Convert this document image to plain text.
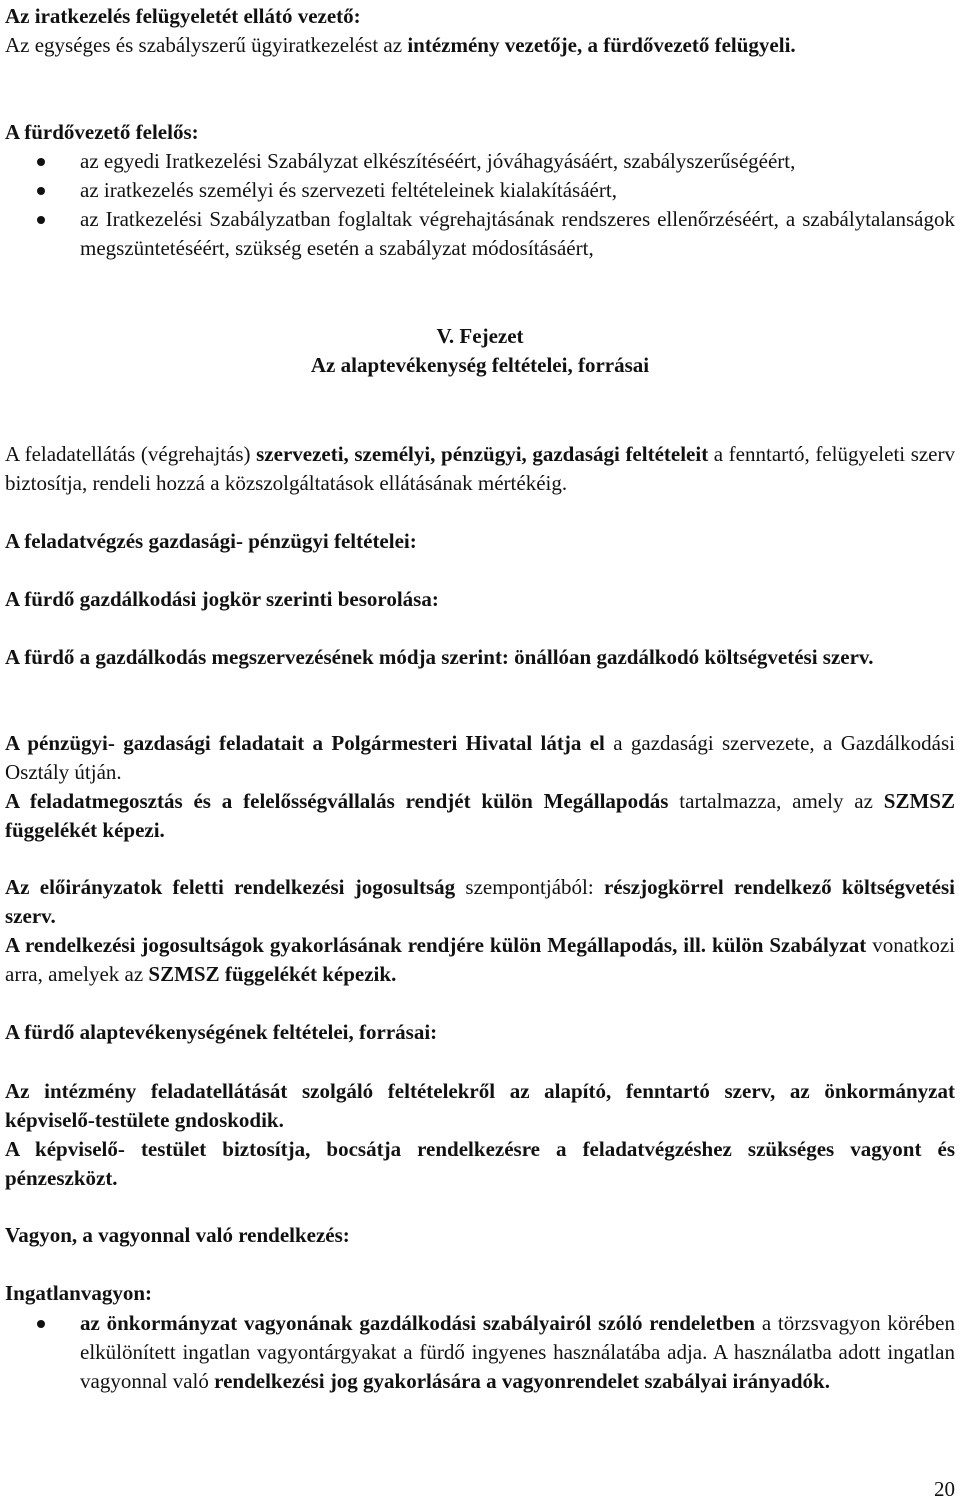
Az iratkezelés felügyeletét ellátó vezető:

Az egységes és szabályszerű ügyiratkezelést az intézmény vezetője, a fürdővezető felügyeli.

A fürdővezető felelős:

az egyedi Iratkezelési Szabályzat elkészítéséért, jóváhagyásáért, szabályszerűségéért,
az iratkezelés személyi és szervezeti feltételeinek kialakításáért,
az Iratkezelési Szabályzatban foglaltak végrehajtásának rendszeres ellenőrzéséért, a szabálytalanságok megszüntetéséért, szükség esetén a szabályzat módosításáért,

V. Fejezet

Az alaptevékenység feltételei, forrásai

A feladatellátás (végrehajtás) szervezeti, személyi, pénzügyi, gazdasági feltételeit a fenntartó, felügyeleti szerv biztosítja, rendeli hozzá a közszolgáltatások ellátásának mértékéig.

A feladatvégzés gazdasági- pénzügyi feltételei:

A fürdő gazdálkodási jogkör szerinti besorolása:

A fürdő a gazdálkodás megszervezésének módja szerint: önállóan gazdálkodó költségvetési szerv.

A pénzügyi- gazdasági feladatait a Polgármesteri Hivatal látja el a gazdasági szervezete, a Gazdálkodási Osztály útján.

A feladatmegosztás és a felelősségvállalás rendjét külön Megállapodás tartalmazza, amely az SZMSZ függelékét képezi.

Az előirányzatok feletti rendelkezési jogosultság szempontjából: részjogkörrel rendelkező költségvetési szerv.

A rendelkezési jogosultságok gyakorlásának rendjére külön Megállapodás, ill. külön Szabályzat vonatkozi arra, amelyek az SZMSZ függelékét képezik.

A fürdő alaptevékenységének feltételei, forrásai:

Az intézmény feladatellátását szolgáló feltételekről az alapító, fenntartó szerv, az önkormányzat képviselő-testülete gndoskodik.

A képviselő- testület biztosítja, bocsátja rendelkezésre a feladatvégzéshez szükséges vagyont és pénzeszközt.

Vagyon, a vagyonnal való rendelkezés:

Ingatlanvagyon:

az önkormányzat vagyonának gazdálkodási szabályairól szóló rendeletben a törzsvagyon körében elkülönített ingatlan vagyontárgyakat a fürdő ingyenes használatába adja. A használatba adott ingatlan vagyonnal való rendelkezési jog gyakorlására a vagyonrendelet szabályai irányadók.
20
